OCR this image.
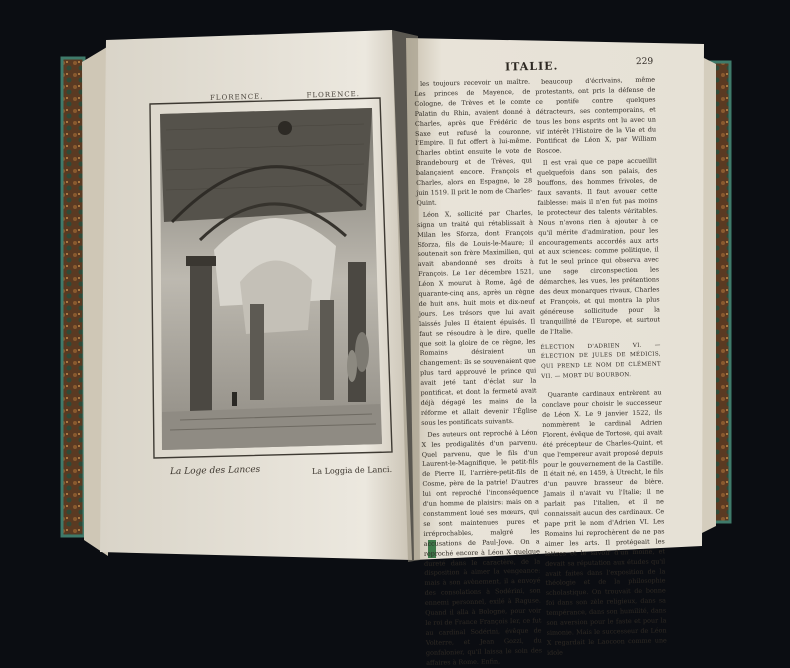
FLORENCE.	FLORENCE.
La Loge des Lances	La Loggia de Lanci.
ITALIE.	229

les toujours recevoir un maître. Les princes de Mayence, de Cologne, de Trèves et le comte Palatin du Rhin, avaient donné à Charles, après que Frédéric de Saxe eut refusé la couronne, l'Empire. Il fut offert à lui-même. Charles obtint ensuite le vote de Brandebourg et de Trèves, qui balançaient encore. François et Charles, alors en Espagne, le 28 juin 1519. Il prit le nom de Charles-Quint.

Léon X, sollicité par Charles, signa un traité qui rétablissait à Milan les Sforza, dont François Sforza, fils de Louis-le-Maure; il soutenait son frère Maximilien, qui avait abandonné ses droits à François. Le 1er décembre 1521, Léon X mourut à Rome, âgé de quarante-cinq ans, après un règne de huit ans, huit mois et dix-neuf jours. Les trésors que lui avait laissés Jules II étaient épuisés. Il faut se résoudre à le dire, quelle que soit la gloire de ce règne, les Romains désiraient un changement: ils se souvenaient que plus tard approuvé le prince qui avait jeté tant d'éclat sur la pontificat, et dont la fermeté avait déjà dégagé les mains de la réforme et allait devenir l'Église sous les pontificats suivants.

Des auteurs ont reproché à Léon X les prodigalités d'un parvenu. Quel parvenu, que le fils d'un Laurent-le-Magnifique, le petit-fils de Pierre II, l'arrière-petit-fils de Cosme, père de la patrie! D'autres lui ont reproché l'inconséquence d'un homme de plaisirs: mais on a constamment loué ses mœurs, qui se sont maintenues pures et irréprochables, malgré les accusations de Paul-Jove. On a reproché encore à Léon X quelque dureté dans le caractère, de la disposition à aimer la vengeance: mais à son avènement, il a envoyé des consolations à Sodérini, son ennemi personnel, exilé à Raguse. Quand il alla à Bologne, pour voir le roi de France François Ier, ce fut au cardinal Sodérini, évêque de Volterre, et Jean Gozzi, du gonfalonier, qu'il laissa le soin des affaires à Rome. Enfin,

beaucoup d'écrivains, même protestants, ont pris la défense de ce pontife contre quelques détracteurs, ses contemporains, et tous les bons esprits ont lu avec un vif intérêt l'Histoire de la Vie et du Pontificat de Léon X, par William Roscoe.

Il est vrai que ce pape accueillit quelquefois dans son palais, des bouffons, des hommes frivoles, de faux savants. Il faut avouer cette faiblesse: mais il n'en fut pas moins le protecteur des talents véritables. Nous n'avons rien à ajouter à ce qu'il mérite d'admiration, pour les encouragements accordés aux arts et aux sciences: comme politique, il fut le seul prince qui observa avec une sage circonspection les démarches, les vues, les prétentions des deux monarques rivaux, Charles et François, et qui montra la plus généreuse sollicitude pour la tranquillité de l'Europe, et surtout de l'Italie.

ÉLECTION D'ADRIEN VI. — ÉLECTION DE JULES DE MÉDICIS, QUI PREND LE NOM DE CLÉMENT VII. — MORT DU BOURBON.

Quarante cardinaux entrèrent au conclave pour choisir le successeur de Léon X. Le 9 janvier 1522, ils nommèrent le cardinal Adrien Florent, évêque de Tortose, qui avait été précepteur de Charles-Quint, et que l'empereur avait proposé depuis pour le gouvernement de la Castille. Il était né, en 1459, à Utrecht, le fils d'un pauvre brasseur de bière. Jamais il n'avait vu l'Italie; il ne parlait pas l'italien, et il ne connaissait aucun des cardinaux. Ce pape prit le nom d'Adrien VI. Les Romains lui reprochèrent de ne pas aimer les arts. Il protégeait les lettres et le savoir d'un moine, et devait sa réputation aux études qu'il avait faites dans l'exposition de la théologie et de la philosophie scholastique. On trouvait de bonne foi dans son zèle religieux, dans sa tempérance, dans son humilité, dans son aversion pour le faste et pour la simonie. Mais le successeur de Léon X regardait le Laocoon comme une idole
